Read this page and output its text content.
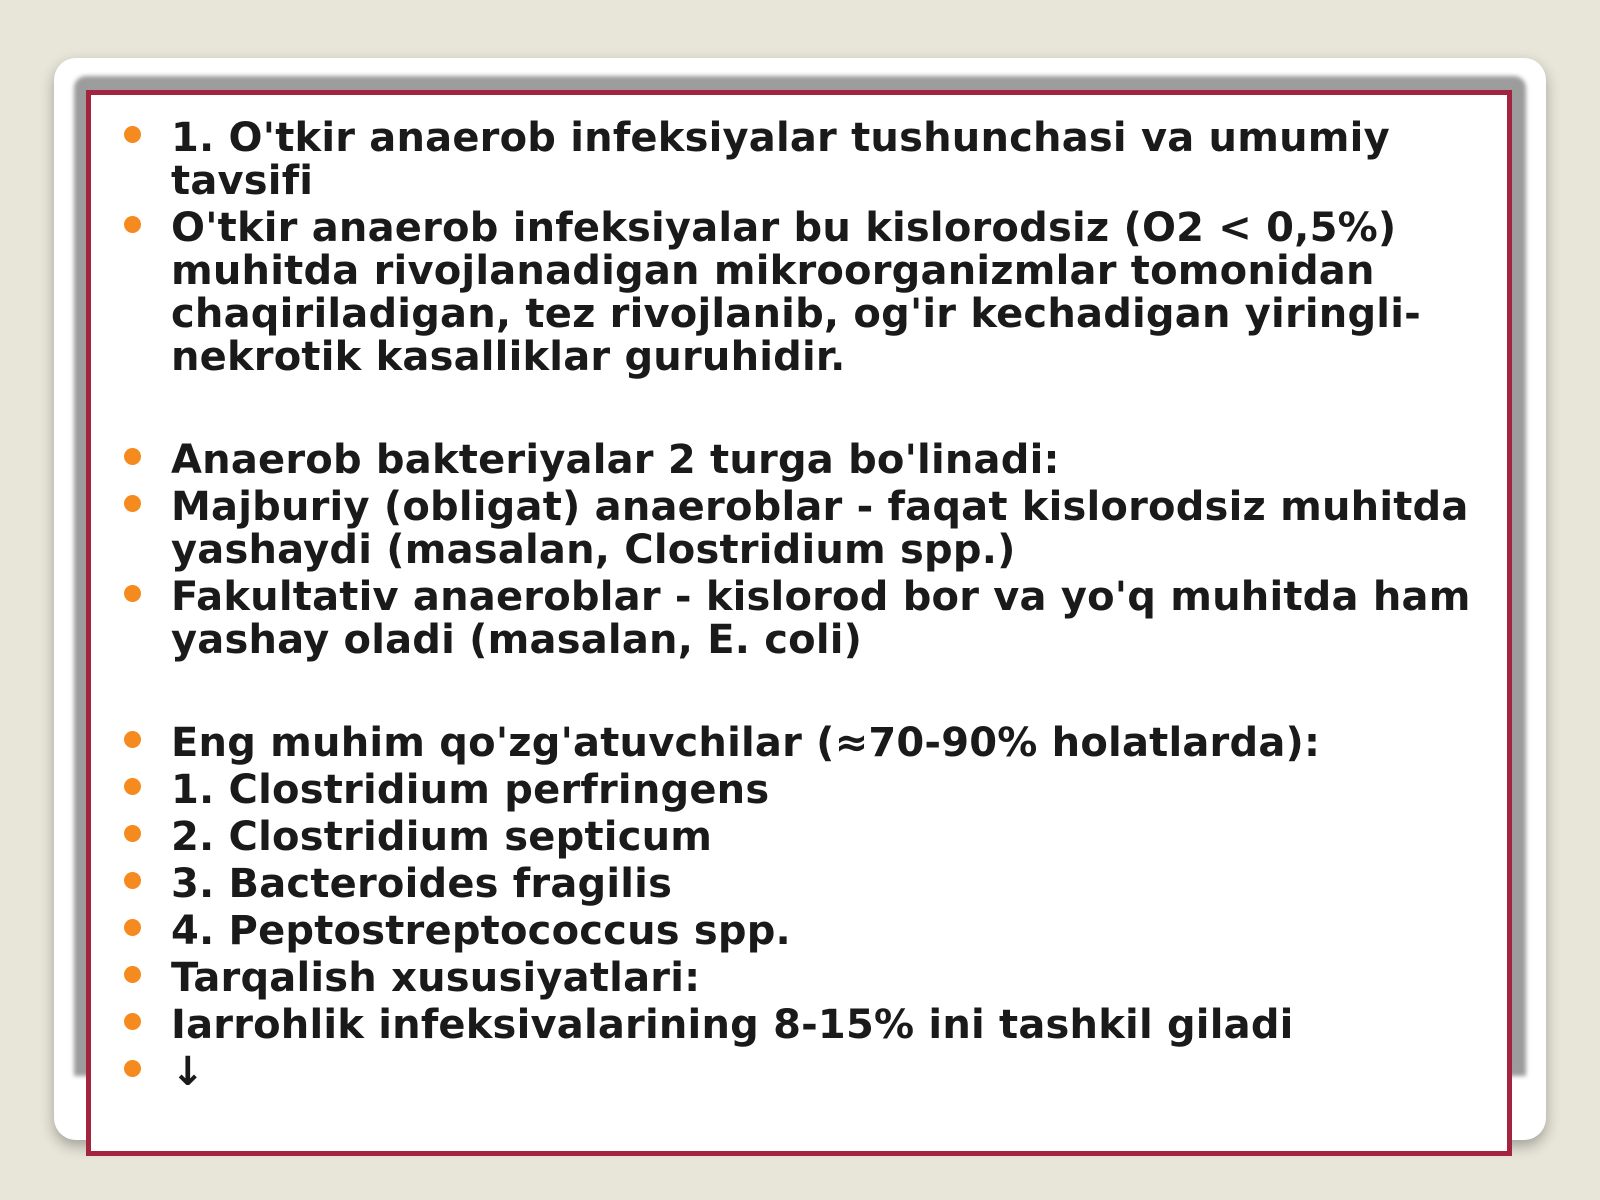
1. O'tkir anaerob infeksiyalar tushunchasi va umumiy tavsifi
O'tkir anaerob infeksiyalar bu kislorodsiz (O2 < 0,5%) muhitda rivojlanadigan mikroorganizmlar tomonidan chaqiriladigan, tez rivojlanib, og'ir kechadigan yiringli-nekrotik kasalliklar guruhidir.
Anaerob bakteriyalar 2 turga bo'linadi:
Majburiy (obligat) anaeroblar - faqat kislorodsiz muhitda yashaydi (masalan, Clostridium spp.)
Fakultativ anaeroblar - kislorod bor va yo'q muhitda ham yashay oladi (masalan, E. coli)
Eng muhim qo'zg'atuvchilar (≈70-90% holatlarda):
1. Clostridium perfringens
2. Clostridium septicum
3. Bacteroides fragilis
4. Peptostreptococcus spp.
Tarqalish xususiyatlari:
Iarrohlik infeksivalarining 8-15% ini tashkil giladi
↓
